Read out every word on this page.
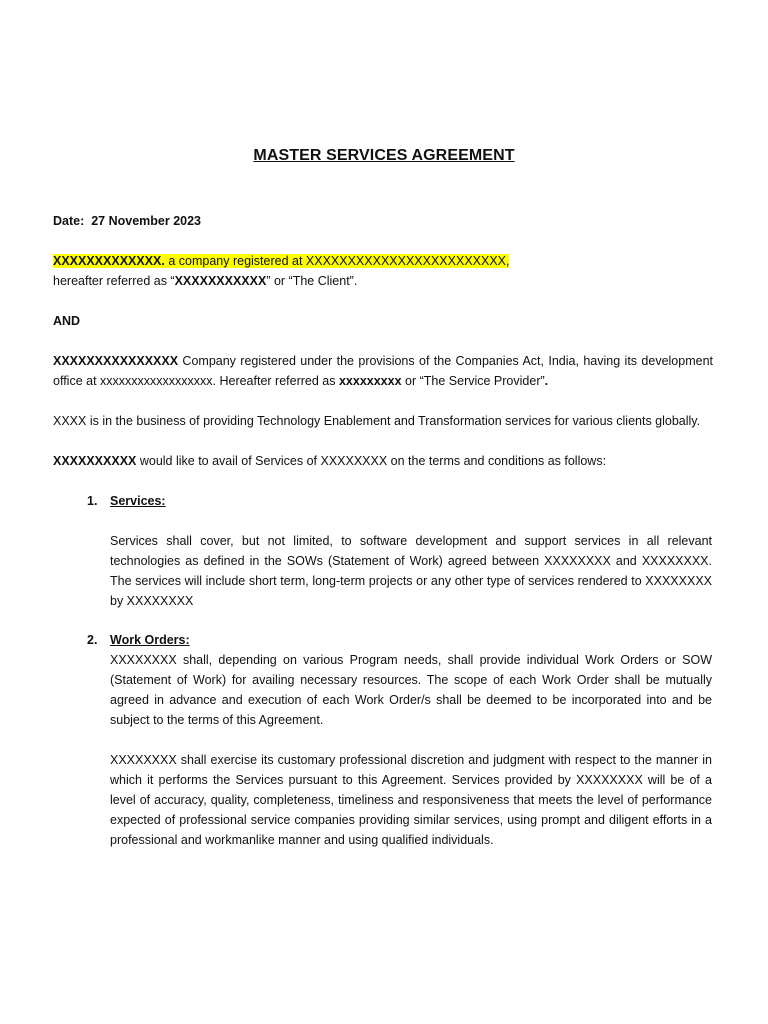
MASTER SERVICES AGREEMENT
Date: 27 November 2023
XXXXXXXXXXXXX. a company registered at XXXXXXXXXXXXXXXXXXXXXXXX,
hereafter referred as “XXXXXXXXXXX” or “The Client”.
AND
XXXXXXXXXXXXXXX Company registered under the provisions of the Companies Act, India, having its development office at xxxxxxxxxxxxxxxxxx. Hereafter referred as xxxxxxxxx or “The Service Provider”.
XXXX is in the business of providing Technology Enablement and Transformation services for various clients globally.
XXXXXXXXXX would like to avail of Services of XXXXXXXX on the terms and conditions as follows:
1.	Services:
Services shall cover, but not limited, to software development and support services in all relevant technologies as defined in the SOWs (Statement of Work) agreed between XXXXXXXX and XXXXXXXX. The services will include short term, long-term projects or any other type of services rendered to XXXXXXXX by XXXXXXXX
2.	Work Orders:
XXXXXXXX shall, depending on various Program needs, shall provide individual Work Orders or SOW (Statement of Work) for availing necessary resources. The scope of each Work Order shall be mutually agreed in advance and execution of each Work Order/s shall be deemed to be incorporated into and be subject to the terms of this Agreement.
XXXXXXXX shall exercise its customary professional discretion and judgment with respect to the manner in which it performs the Services pursuant to this Agreement. Services provided by XXXXXXXX will be of a level of accuracy, quality, completeness, timeliness and responsiveness that meets the level of performance expected of professional service companies providing similar services, using prompt and diligent efforts in a professional and workmanlike manner and using qualified individuals.
